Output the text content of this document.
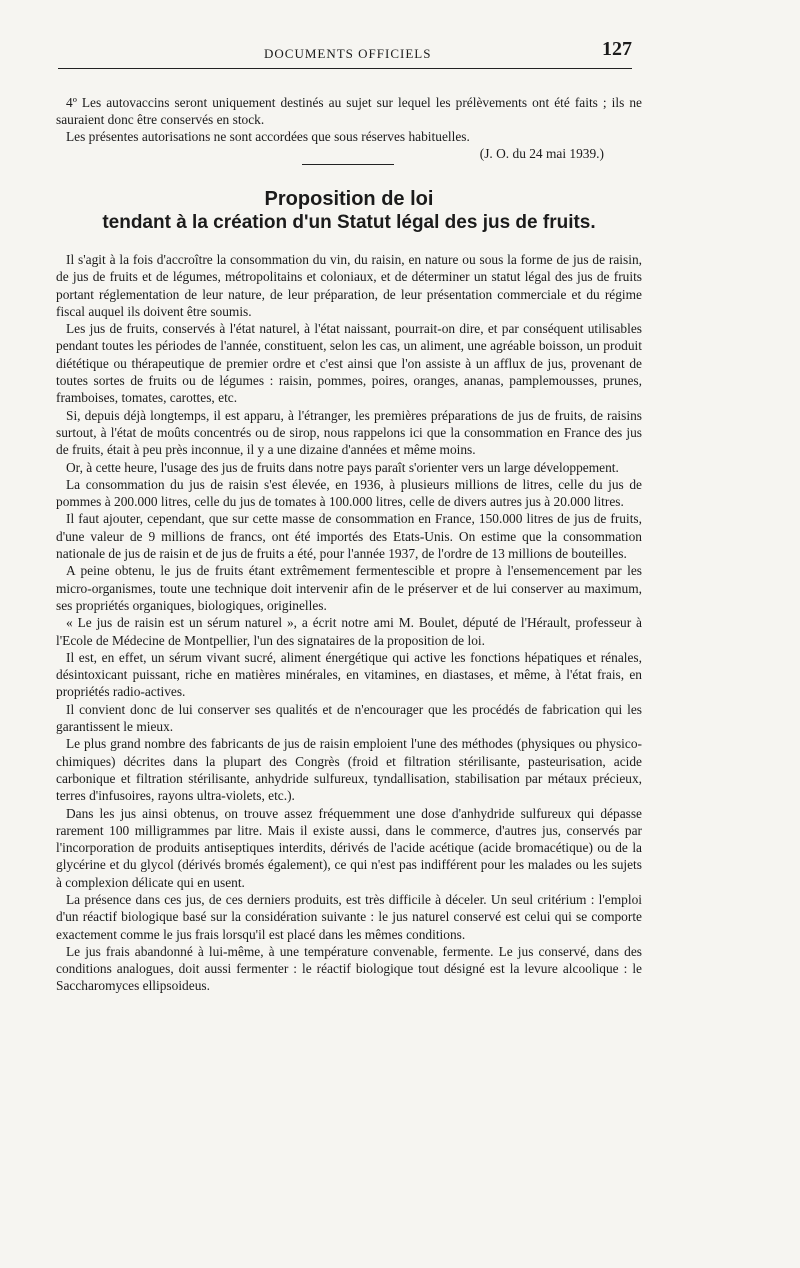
DOCUMENTS OFFICIELS	127

4º Les autovaccins seront uniquement destinés au sujet sur lequel les prélèvements ont été faits ; ils ne sauraient donc être conservés en stock.

Les présentes autorisations ne sont accordées que sous réserves habituelles.

(J. O. du 24 mai 1939.)
Proposition de loi
tendant à la création d'un Statut légal des jus de fruits.

Il s'agit à la fois d'accroître la consommation du vin, du raisin, en nature ou sous la forme de jus de raisin, de jus de fruits et de légumes, métropolitains et coloniaux, et de déterminer un statut légal des jus de fruits portant réglementation de leur nature, de leur préparation, de leur présentation commerciale et du régime fiscal auquel ils doivent être soumis.

Les jus de fruits, conservés à l'état naturel, à l'état naissant, pourrait-on dire, et par conséquent utilisables pendant toutes les périodes de l'année, constituent, selon les cas, un aliment, une agréable boisson, un produit diététique ou thérapeutique de premier ordre et c'est ainsi que l'on assiste à un afflux de jus, provenant de toutes sortes de fruits ou de légumes : raisin, pommes, poires, oranges, ananas, pamplemousses, prunes, framboises, tomates, carottes, etc.

Si, depuis déjà longtemps, il est apparu, à l'étranger, les premières préparations de jus de fruits, de raisins surtout, à l'état de moûts concentrés ou de sirop, nous rappelons ici que la consommation en France des jus de fruits, était à peu près inconnue, il y a une dizaine d'années et même moins.

Or, à cette heure, l'usage des jus de fruits dans notre pays paraît s'orienter vers un large développement.

La consommation du jus de raisin s'est élevée, en 1936, à plusieurs millions de litres, celle du jus de pommes à 200.000 litres, celle du jus de tomates à 100.000 litres, celle de divers autres jus à 20.000 litres.

Il faut ajouter, cependant, que sur cette masse de consommation en France, 150.000 litres de jus de fruits, d'une valeur de 9 millions de francs, ont été importés des Etats-Unis. On estime que la consommation nationale de jus de raisin et de jus de fruits a été, pour l'année 1937, de l'ordre de 13 millions de bouteilles.

A peine obtenu, le jus de fruits étant extrêmement fermentescible et propre à l'ensemencement par les micro-organismes, toute une technique doit intervenir afin de le préserver et de lui conserver au maximum, ses propriétés organiques, biologiques, originelles.

« Le jus de raisin est un sérum naturel », a écrit notre ami M. Boulet, député de l'Hérault, professeur à l'Ecole de Médecine de Montpellier, l'un des signataires de la proposition de loi.

Il est, en effet, un sérum vivant sucré, aliment énergétique qui active les fonctions hépatiques et rénales, désintoxicant puissant, riche en matières minérales, en vitamines, en diastases, et même, à l'état frais, en propriétés radio-actives.

Il convient donc de lui conserver ses qualités et de n'encourager que les procédés de fabrication qui les garantissent le mieux.

Le plus grand nombre des fabricants de jus de raisin emploient l'une des méthodes (physiques ou physico-chimiques) décrites dans la plupart des Congrès (froid et filtration stérilisante, pasteurisation, acide carbonique et filtration stérilisante, anhydride sulfureux, tyndallisation, stabilisation par métaux précieux, terres d'infusoires, rayons ultra-violets, etc.).

Dans les jus ainsi obtenus, on trouve assez fréquemment une dose d'anhydride sulfureux qui dépasse rarement 100 milligrammes par litre. Mais il existe aussi, dans le commerce, d'autres jus, conservés par l'incorporation de produits antiseptiques interdits, dérivés de l'acide acétique (acide bromacétique) ou de la glycérine et du glycol (dérivés bromés également), ce qui n'est pas indifférent pour les malades ou les sujets à complexion délicate qui en usent.

La présence dans ces jus, de ces derniers produits, est très difficile à déceler. Un seul critérium : l'emploi d'un réactif biologique basé sur la considération suivante : le jus naturel conservé est celui qui se comporte exactement comme le jus frais lorsqu'il est placé dans les mêmes conditions.

Le jus frais abandonné à lui-même, à une température convenable, fermente. Le jus conservé, dans des conditions analogues, doit aussi fermenter : le réactif biologique tout désigné est la levure alcoolique : le Saccharomyces ellipsoideus.
